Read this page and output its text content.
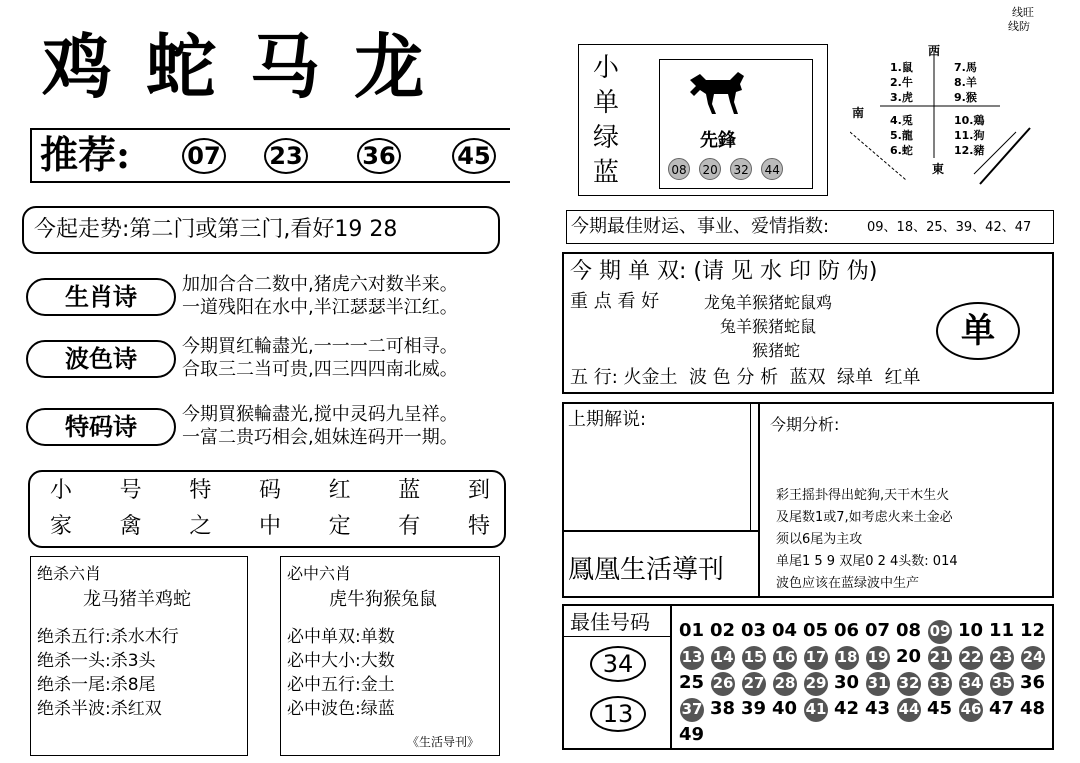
鸡蛇马龙
线旺
线防
推荐: 07 23 36	45
今起走势:第二门或第三门,看好19 28
生肖诗	加加合合二数中,猪虎六对数半来。
一道残阳在水中,半江瑟瑟半江红。
波色诗	今期買红輪盡光,一一一二可相寻。
合取三二当可贵,四三四四南北威。
特码诗	今期買猴輪盡光,搅中灵码九呈祥。
一富二贵巧相会,姐妹连码开一期。
小 号 特 码 红 蓝 到
家 禽 之 中 定 有 特
绝杀六肖
龙马猪羊鸡蛇
绝杀五行:杀水木行
绝杀一头:杀3头
绝杀一尾:杀8尾
绝杀半波:杀红双
必中六肖
虎牛狗猴兔鼠
必中单双:单数
必中大小:大数
必中五行:金土
必中波色:绿蓝
《生活导刊》
小
单
绿
蓝
先鋒
08 20 32 44
西
南
東
1.鼠
2.牛
3.虎
4.兎
5.龍
6.蛇
7.馬
8.羊
9.猴
10.鶏
11.狗
12.豬
今期最佳财运、事业、爱情指数:	09、18、25、39、42、47
今 期 单 双: (请 见 水 印 防 伪)
重 点 看 好	龙兔羊猴猪蛇鼠鸡
兔羊猴猪蛇鼠
猴猪蛇	单
五 行: 火金土  波 色 分 析  蓝双  绿单  红单
上期解说:
鳳凰生活導刊
今期分析:
彩王摇卦得出蛇狗,天干木生火
及尾数1或7,如考虑火来土金必
须以6尾为主攻
单尾1 5 9 双尾0 2 4头数: 014
波色应该在蓝绿波中生产
最佳号码
34
13
01 02 03 04 05 06 07 08 09 10 11 12
13 14 15 16 17 18 19 20 21 22 23 24
25 26 27 28 29 30 31 32 33 34 35 36
37 38 39 40 41 42 43 44 45 46 47 48
49
